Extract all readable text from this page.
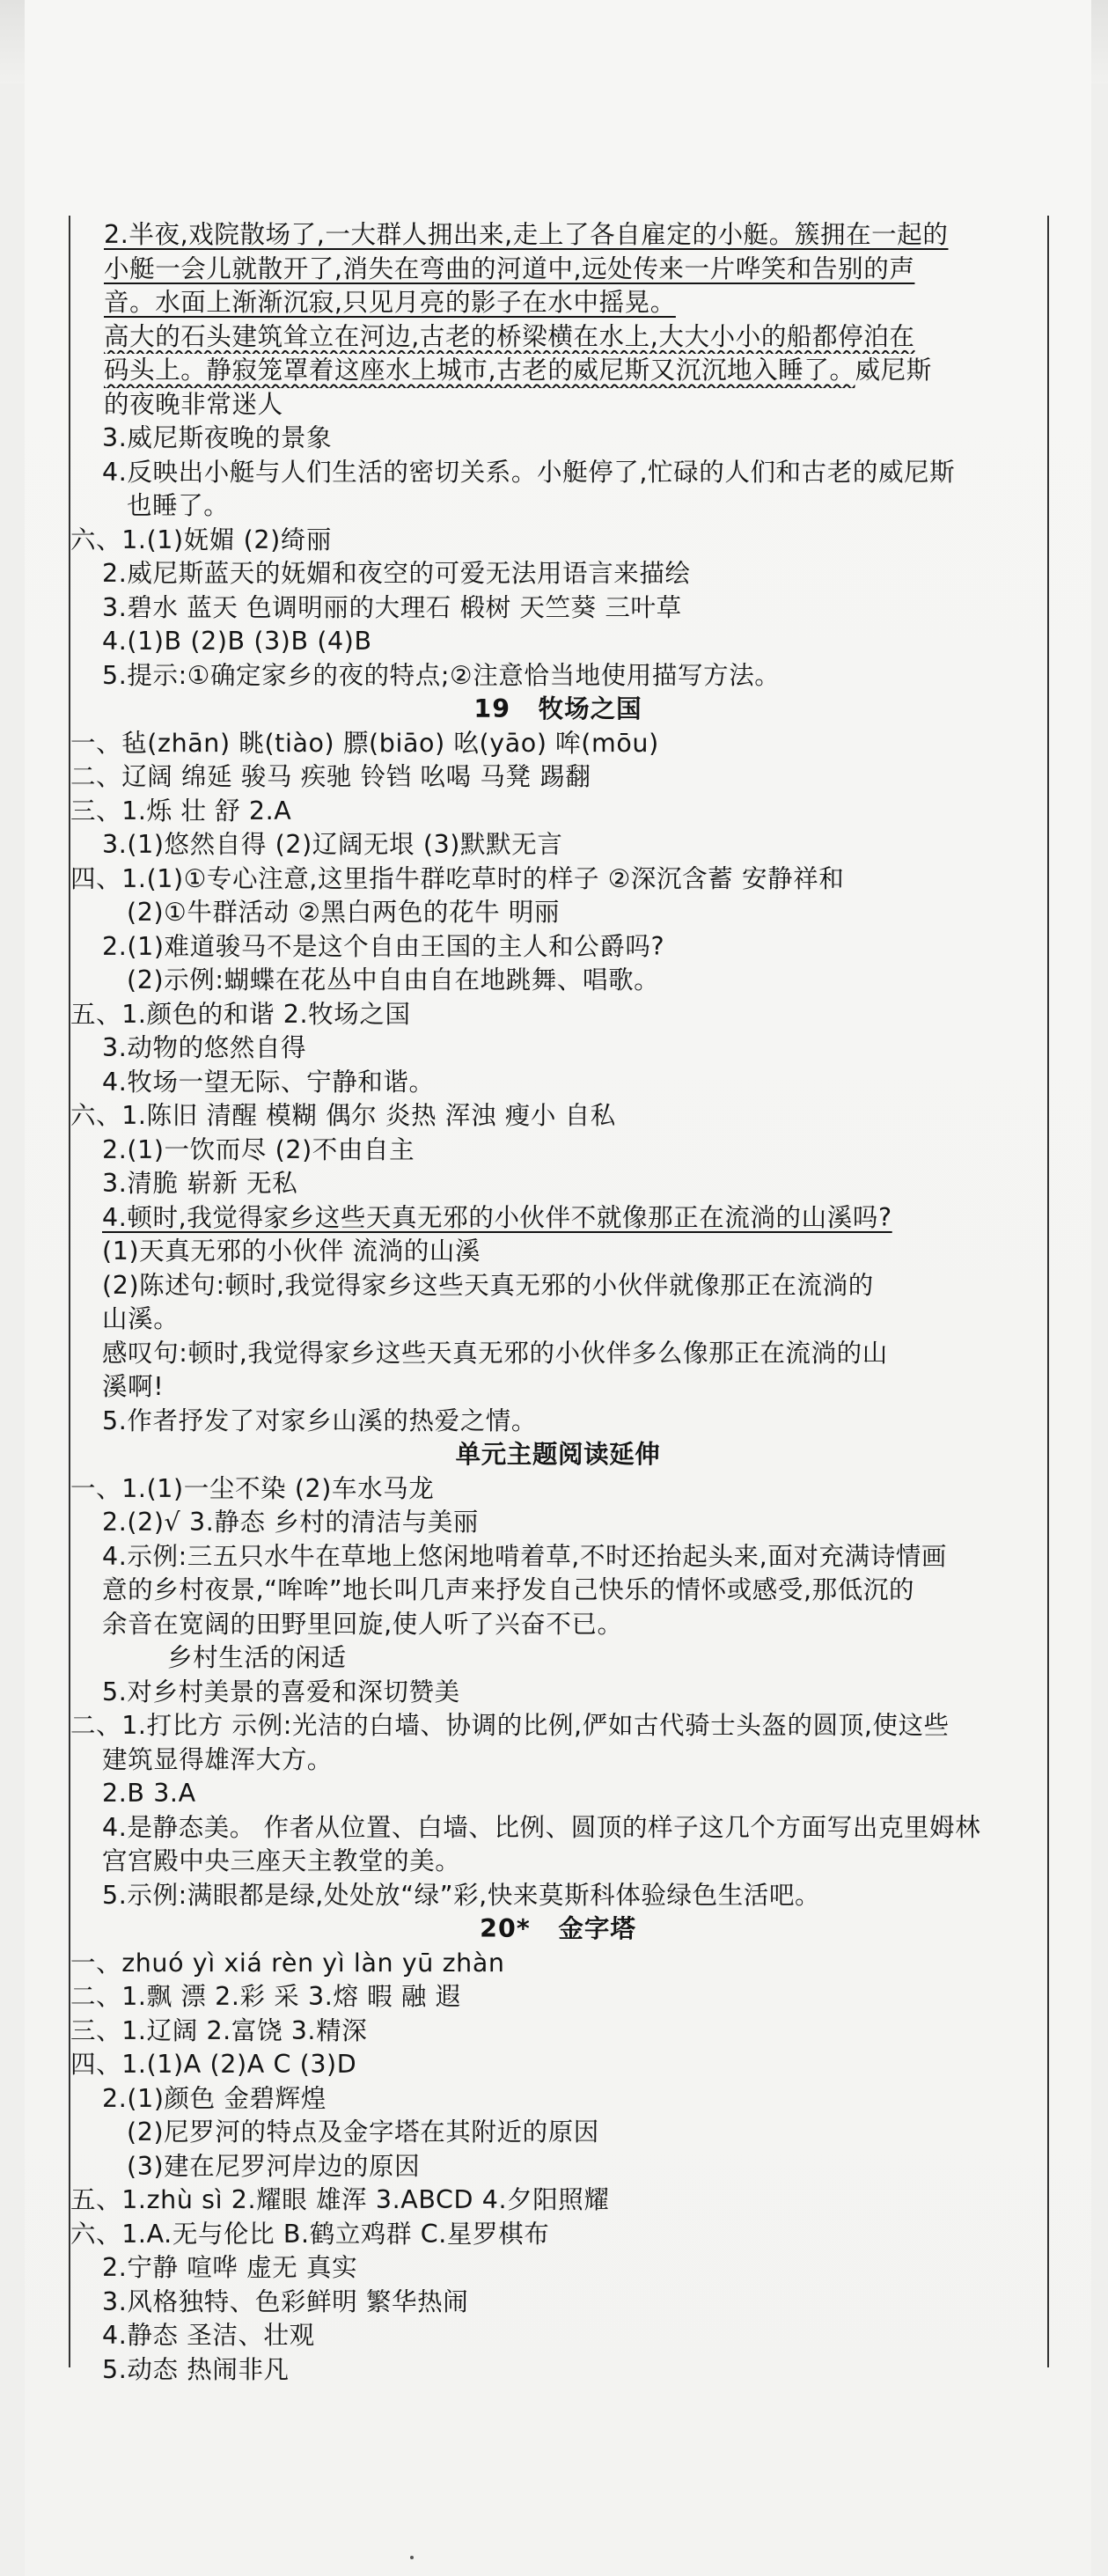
2.半夜,戏院散场了,一大群人拥出来,走上了各自雇定的小艇。簇拥在一起的

小艇一会儿就散开了,消失在弯曲的河道中,远处传来一片哗笑和告别的声

音。水面上渐渐沉寂,只见月亮的影子在水中摇晃。

高大的石头建筑耸立在河边,古老的桥梁横在水上,大大小小的船都停泊在

码头上。静寂笼罩着这座水上城市,古老的威尼斯又沉沉地入睡了。威尼斯

的夜晚非常迷人

3.威尼斯夜晚的景象

4.反映出小艇与人们生活的密切关系。小艇停了,忙碌的人们和古老的威尼斯

也睡了。

六、1.(1)妩媚 (2)绮丽

2.威尼斯蓝天的妩媚和夜空的可爱无法用语言来描绘

3.碧水 蓝天 色调明丽的大理石 椴树 天竺葵 三叶草

4.(1)B (2)B (3)B (4)B

5.提示:①确定家乡的夜的特点;②注意恰当地使用描写方法。

19 牧场之国

一、毡(zhān) 眺(tiào) 膘(biāo) 吆(yāo) 哞(mōu)

二、辽阔 绵延 骏马 疾驰 铃铛 吆喝 马凳 踢翻

三、1.烁 壮 舒 2.A

3.(1)悠然自得 (2)辽阔无垠 (3)默默无言

四、1.(1)①专心注意,这里指牛群吃草时的样子 ②深沉含蓄 安静祥和

(2)①牛群活动 ②黑白两色的花牛 明丽

2.(1)难道骏马不是这个自由王国的主人和公爵吗?

(2)示例:蝴蝶在花丛中自由自在地跳舞、唱歌。

五、1.颜色的和谐 2.牧场之国

3.动物的悠然自得

4.牧场一望无际、宁静和谐。

六、1.陈旧 清醒 模糊 偶尔 炎热 浑浊 瘦小 自私

2.(1)一饮而尽 (2)不由自主

3.清脆 崭新 无私

4.顿时,我觉得家乡这些天真无邪的小伙伴不就像那正在流淌的山溪吗?

(1)天真无邪的小伙伴 流淌的山溪

(2)陈述句:顿时,我觉得家乡这些天真无邪的小伙伴就像那正在流淌的

山溪。

感叹句:顿时,我觉得家乡这些天真无邪的小伙伴多么像那正在流淌的山

溪啊!

5.作者抒发了对家乡山溪的热爱之情。

单元主题阅读延伸

一、1.(1)一尘不染 (2)车水马龙

2.(2)√ 3.静态 乡村的清洁与美丽

4.示例:三五只水牛在草地上悠闲地啃着草,不时还抬起头来,面对充满诗情画

意的乡村夜景,“哞哞”地长叫几声来抒发自己快乐的情怀或感受,那低沉的

余音在宽阔的田野里回旋,使人听了兴奋不已。

乡村生活的闲适

5.对乡村美景的喜爱和深切赞美

二、1.打比方 示例:光洁的白墙、协调的比例,俨如古代骑士头盔的圆顶,使这些

建筑显得雄浑大方。

2.B 3.A

4.是静态美。 作者从位置、白墙、比例、圆顶的样子这几个方面写出克里姆林

宫宫殿中央三座天主教堂的美。

5.示例:满眼都是绿,处处放“绿”彩,快来莫斯科体验绿色生活吧。

20* 金字塔

一、zhuó yì xiá rèn yì làn yū zhàn

二、1.飘 漂 2.彩 采 3.熔 暇 融 遐

三、1.辽阔 2.富饶 3.精深

四、1.(1)A (2)A C (3)D

2.(1)颜色 金碧辉煌

(2)尼罗河的特点及金字塔在其附近的原因

(3)建在尼罗河岸边的原因

五、1.zhù sì 2.耀眼 雄浑 3.ABCD 4.夕阳照耀

六、1.A.无与伦比 B.鹤立鸡群 C.星罗棋布

2.宁静 喧哗 虚无 真实

3.风格独特、色彩鲜明 繁华热闹

4.静态 圣洁、壮观

5.动态 热闹非凡
